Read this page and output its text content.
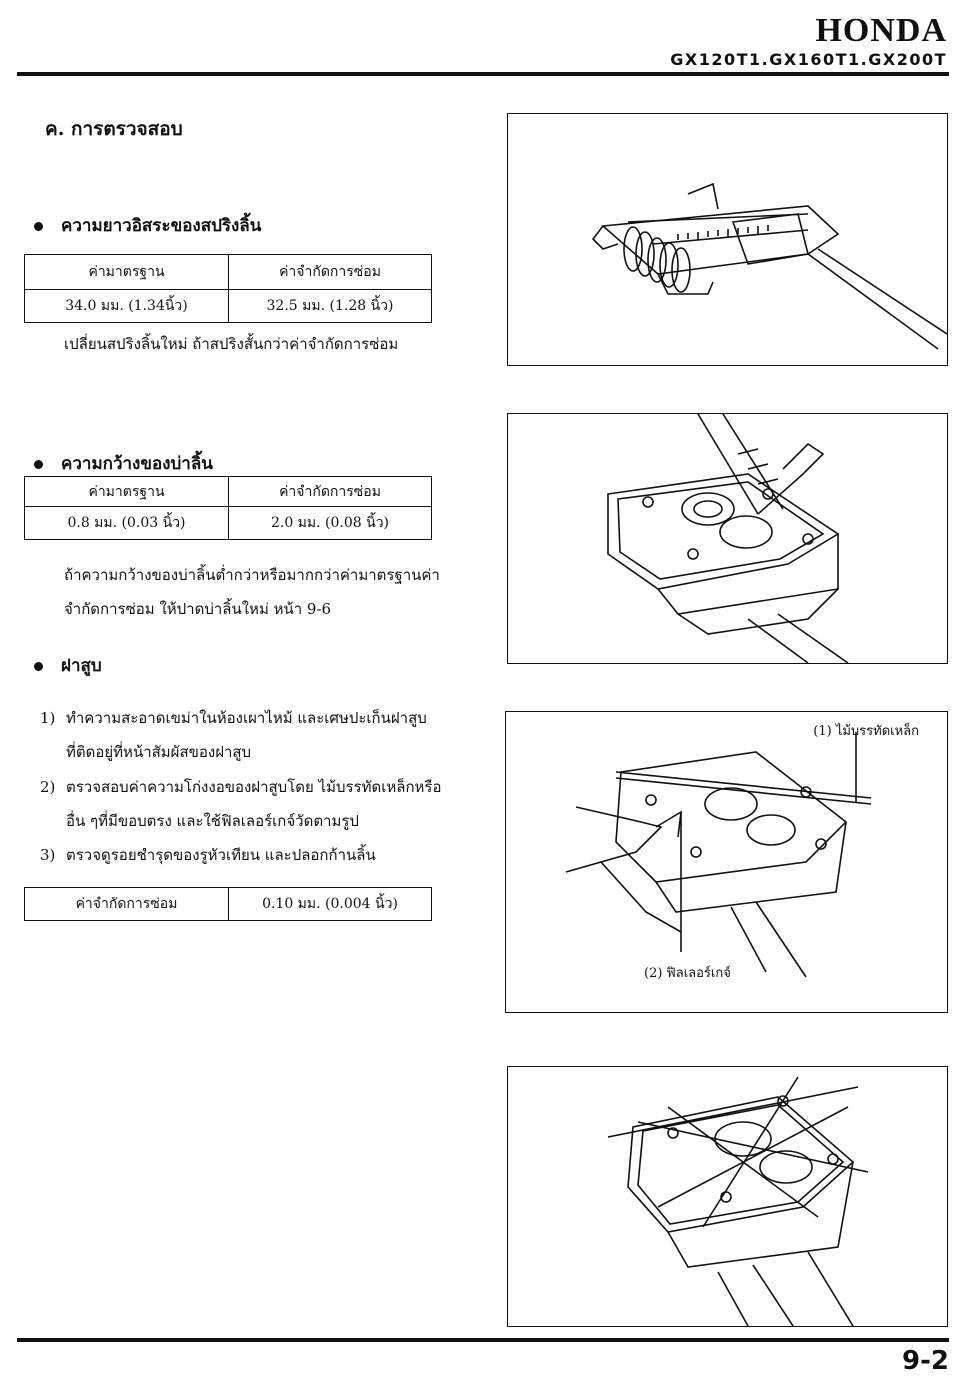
HONDA
GX120T1.GX160T1.GX200T
ค. การตรวจสอบ
ความยาวอิสระของสปริงลิ้น
ค่ามาตรฐาน	ค่าจำกัดการซ่อม
34.0 มม. (1.34นิ้ว)	32.5 มม. (1.28 นิ้ว)
เปลี่ยนสปริงลิ้นใหม่ ถ้าสปริงสั้นกว่าค่าจำกัดการซ่อม
ความกว้างของบ่าลิ้น
ค่ามาตรฐาน	ค่าจำกัดการซ่อม
0.8 มม. (0.03 นิ้ว)	2.0 มม. (0.08 นิ้ว)
ถ้าความกว้างของบ่าลิ้นต่ำกว่าหรือมากกว่าค่ามาตรฐานค่า
จำกัดการซ่อม ให้ปาดบ่าลิ้นใหม่ หน้า 9-6
ฝาสูบ
1) ทำความสะอาดเขม่าในห้องเผาไหม้ และเศษปะเก็นฝาสูบ
ที่ติดอยู่ที่หน้าสัมผัสของฝาสูบ
2) ตรวจสอบค่าความโก่งงอของฝาสูบโดย ไม้บรรทัดเหล็กหรือ
อื่น ๆที่มีขอบตรง และใช้ฟิลเลอร์เกจ์วัดตามรูป
3) ตรวจดูรอยชำรุดของรูหัวเทียน และปลอกก้านลิ้น
ค่าจำกัดการซ่อม	0.10 มม. (0.004 นิ้ว)
(1) ไม้บรรทัดเหล็ก
(2) ฟิลเลอร์เกจ์
9-2
